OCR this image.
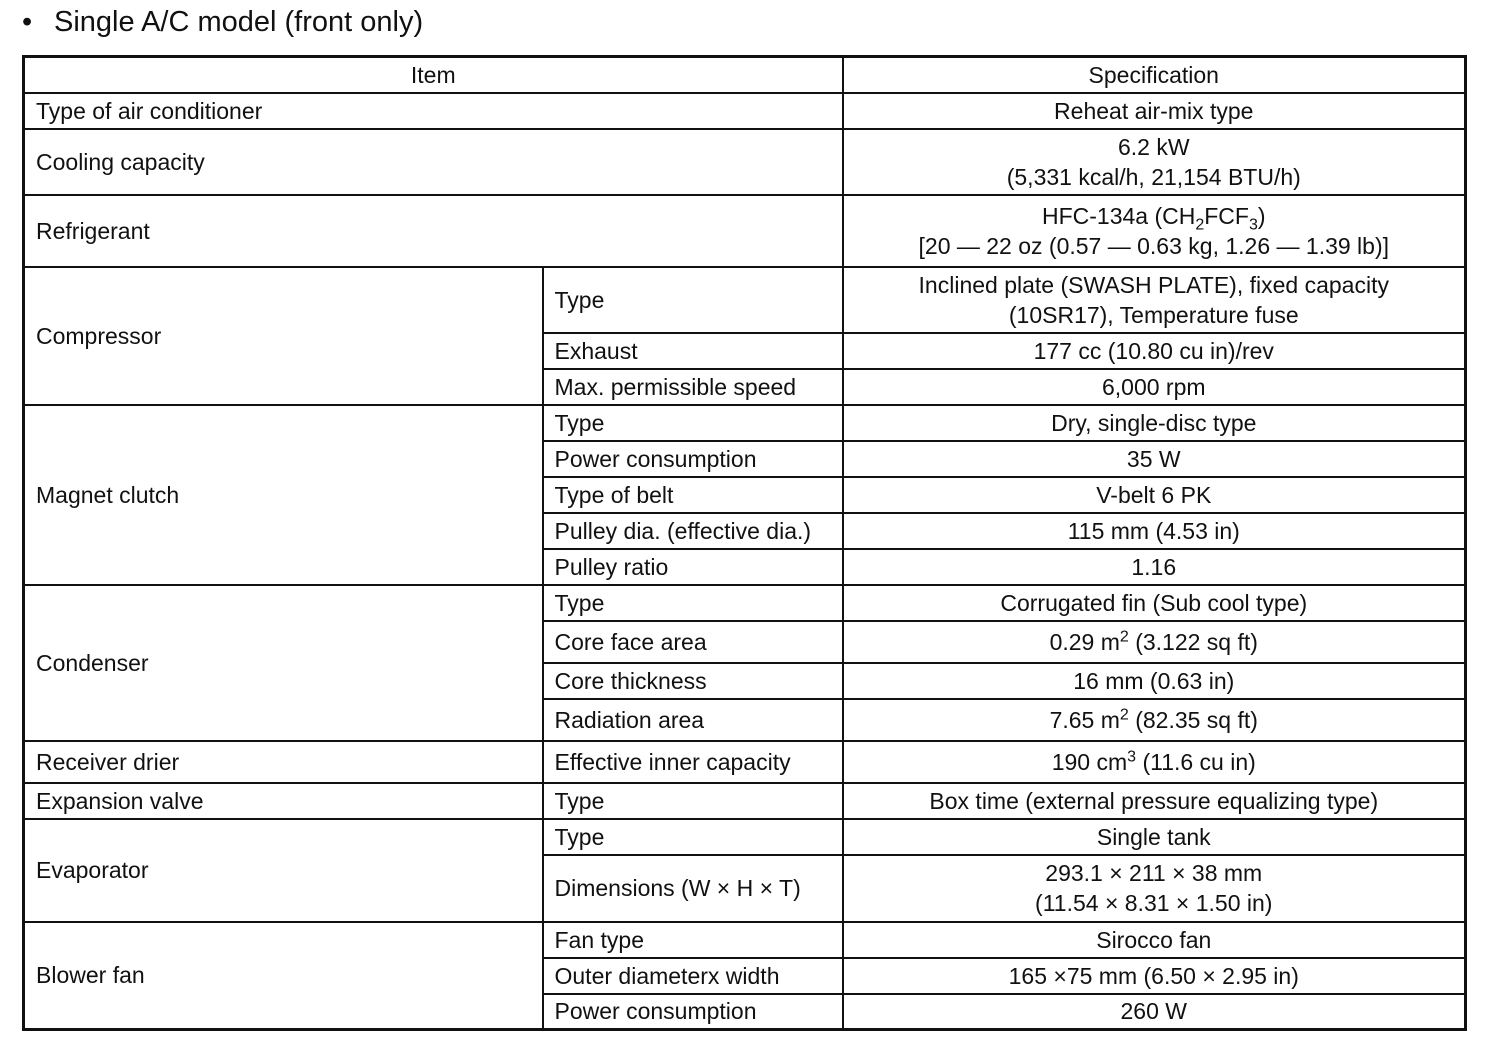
• Single A/C model (front only)
Item		Specification
Type of air conditioner		Reheat air-mix type
Cooling capacity		6.2 kW
(5,331 kcal/h, 21,154 BTU/h)

Refrigerant		HFC-134a $(CH_2FCF_3)$
[20 — 22 oz (0.57 — 0.63 kg, 1.26 — 1.39 lb)]

Compressor	Type	Inclined plate (SWASH PLATE), fixed capacity
(10SR17), Temperature fuse

	Exhaust	177 cc (10.80 cu in)/rev
	Max. permissible speed	6,000 rpm
Magnet clutch	Type	Dry, single-disc type
	Power consumption	35 W
	Type of belt	V-belt 6 PK
	Pulley dia. (effective dia.)	115 mm (4.53 in)
	Pulley ratio	1.16
Condenser	Type	Corrugated fin (Sub cool type)
	Core face area	0.29 $m^2$ (3.122 sq ft)
	Core thickness	16 mm (0.63 in)
	Radiation area	7.65 $m^2$ (82.35 sq ft)
Receiver drier	Effective inner capacity	190 $cm^3$ (11.6 cu in)
Expansion valve	Type	Box time (external pressure equalizing type)
Evaporator	Type	Single tank
	Dimensions (W × H × T)	293.1 × 211 × 38 mm
(11.54 × 8.31 × 1.50 in)

Blower fan	Fan type	Sirocco fan
	Outer diameterx width	165 ×75 mm (6.50 × 2.95 in)
	Power consumption	260 W
